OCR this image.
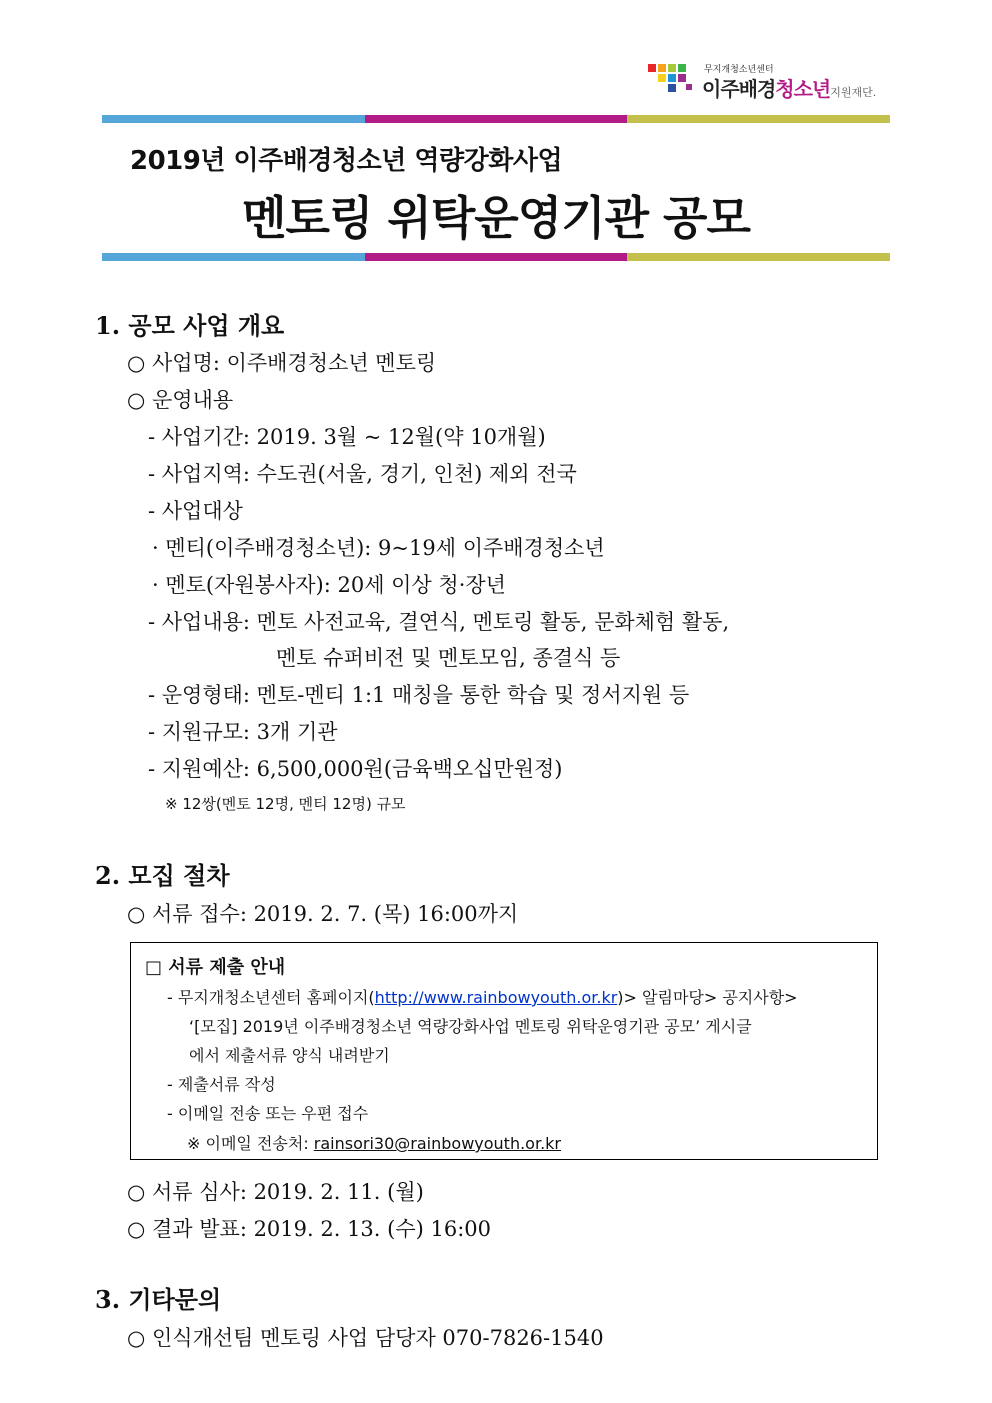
무지개청소년센터
이주배경청소년지원재단.
2019년 이주배경청소년 역량강화사업
멘토링 위탁운영기관 공모
1. 공모 사업 개요
○ 사업명: 이주배경청소년 멘토링
○ 운영내용
- 사업기간: 2019. 3월 ~ 12월(약 10개월)
- 사업지역: 수도권(서울, 경기, 인천) 제외 전국
- 사업대상
· 멘티(이주배경청소년): 9~19세 이주배경청소년
· 멘토(자원봉사자): 20세 이상 청·장년
- 사업내용: 멘토 사전교육, 결연식, 멘토링 활동, 문화체험 활동,
멘토 슈퍼비전 및 멘토모임, 종결식 등
- 운영형태: 멘토-멘티 1:1 매칭을 통한 학습 및 정서지원 등
- 지원규모: 3개 기관
- 지원예산: 6,500,000원(금육백오십만원정)
※ 12쌍(멘토 12명, 멘티 12명) 규모
2. 모집 절차
○ 서류 접수: 2019. 2. 7. (목) 16:00까지
□ 서류 제출 안내
- 무지개청소년센터 홈페이지(http://www.rainbowyouth.or.kr)> 알림마당> 공지사항>
‘[모집] 2019년 이주배경청소년 역량강화사업 멘토링 위탁운영기관 공모’ 게시글
에서 제출서류 양식 내려받기
- 제출서류 작성
- 이메일 전송 또는 우편 접수
※ 이메일 전송처: rainsori30@rainbowyouth.or.kr
○ 서류 심사: 2019. 2. 11. (월)
○ 결과 발표: 2019. 2. 13. (수) 16:00
3. 기타문의
○ 인식개선팀 멘토링 사업 담당자 070-7826-1540
